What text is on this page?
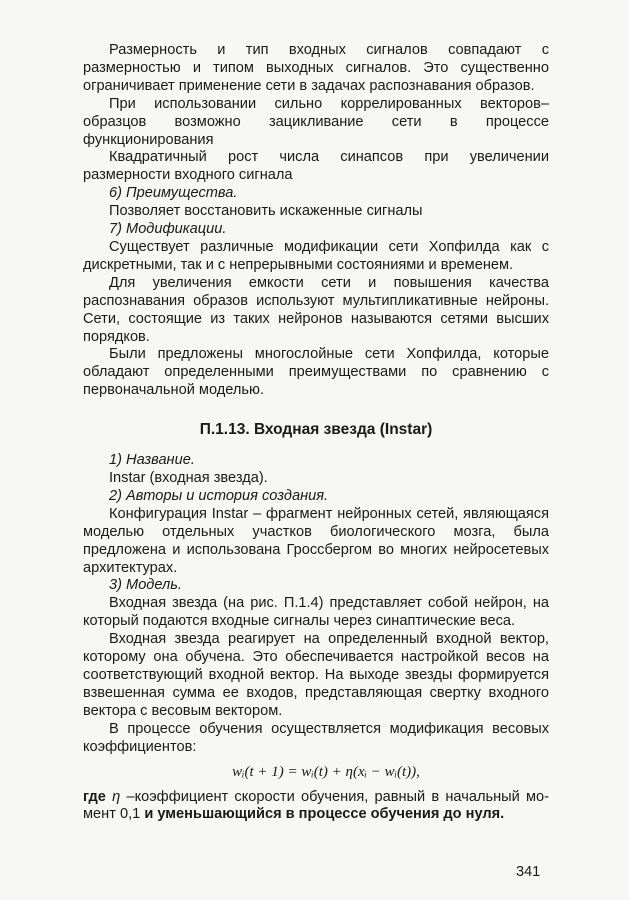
Размерность и тип входных сигналов совпадают с размерностью и типом выходных сигналов. Это существенно ограничивает применение сети в задачах распознавания образов.

При использовании сильно коррелированных векторов–образцов возможно зацикливание сети в процессе функционирования

Квадратичный рост числа синапсов при увеличении размерности входного сигнала

6) Преимущества.

Позволяет восстановить искаженные сигналы

7) Модификации.

Существует различные модификации сети Хопфилда как с дискретными, так и с непрерывными состояниями и временем.

Для увеличения емкости сети и повышения качества распознавания образов используют мультипликативные нейроны. Сети, состоящие из таких нейронов называются сетями высших порядков.

Были предложены многослойные сети Хопфилда, которые обладают определенными преимуществами по сравнению с первоначальной моделью.

П.1.13. Входная звезда (Instar)

1) Название.

Instar (входная звезда).

2) Авторы и история создания.

Конфигурация Instar – фрагмент нейронных сетей, являющаяся моделью отдельных участков биологического мозга, была предложена и использована Гроссбергом во многих нейросетевых архитектурах.

3) Модель.

Входная звезда (на рис. П.1.4) представляет собой нейрон, на который подаются входные сигналы через синаптические веса.

Входная звезда реагирует на определенный входной вектор, которому она обучена. Это обеспечивается настройкой весов на соответствующий входной вектор. На выходе звезды формируется взвешенная сумма ее входов, представляющая свертку входного вектора с весовым вектором.

В процессе обучения осуществляется модификация весовых коэффициентов:

wᵢ(t + 1) = wᵢ(t) + η(xᵢ − wᵢ(t)),

где η –коэффициент скорости обучения, равный в начальный мо-мент 0,1 и уменьшающийся в процессе обучения до нуля.

341
